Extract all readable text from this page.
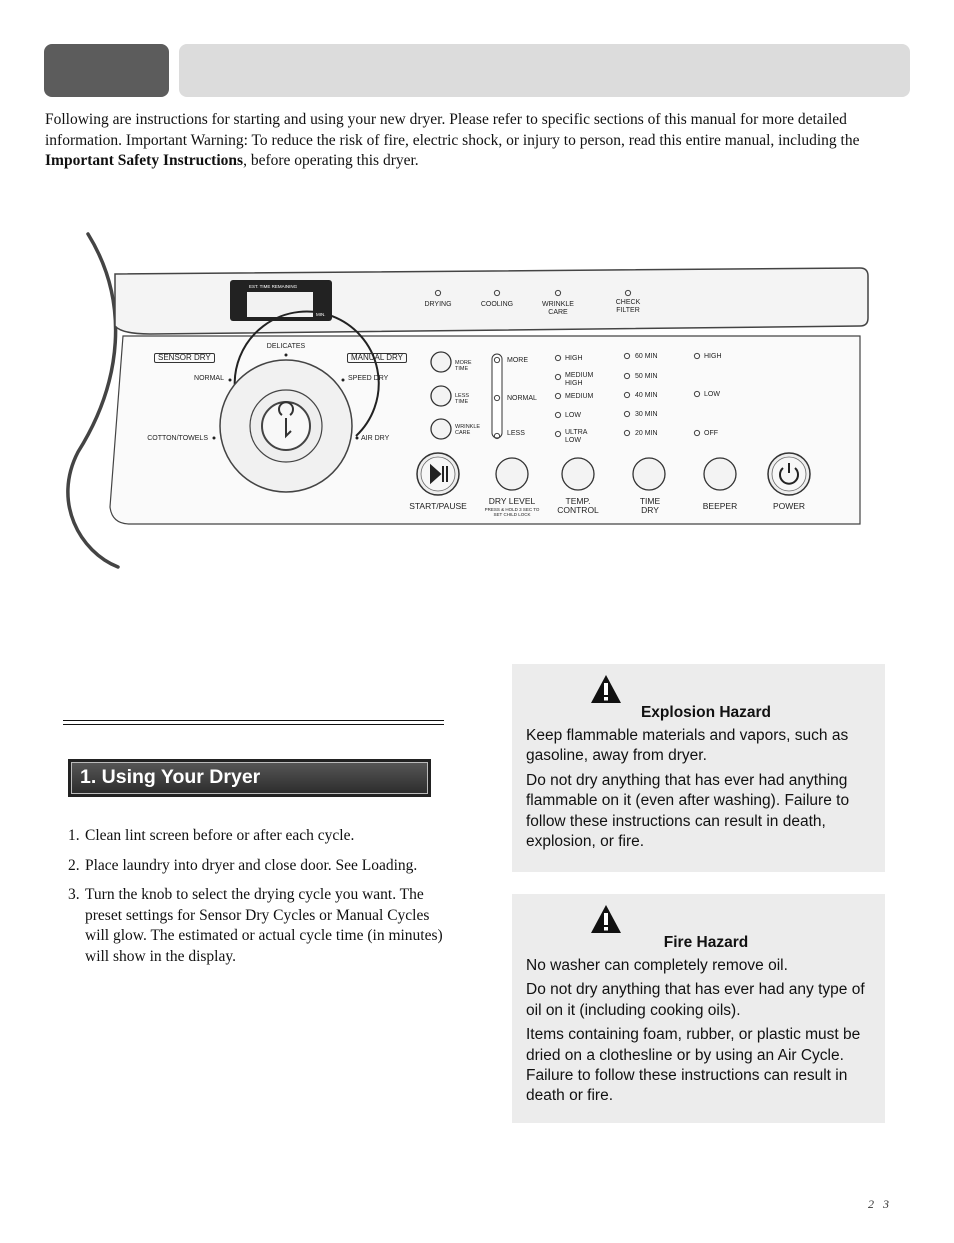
Following are instructions for starting and using your new dryer. Please refer to specific sections of this manual for more detailed information. Important Warning: To reduce the risk of fire, electric shock, or injury to person, read this entire manual, including the Important Safety Instructions, before operating this dryer.
EST. TIME REMAINING
MIN.
DRYING	COOLING	WRINKLE CARE
CHECK FILTER
SENSOR DRY	MANUAL DRY
DELICATES
NORMAL	SPEED DRY
COTTON/TOWELS	AIR DRY
MORE TIME
LESS TIME
WRINKLE CARE
MORE
NORMAL
LESS
HIGH
MEDIUM HIGH
MEDIUM
LOW
ULTRA LOW
60 MIN
50 MIN
40 MIN
30 MIN
20 MIN
HIGH
LOW
OFF
START/PAUSE	DRY LEVEL
PRESS & HOLD 3 SEC TO SET CHILD LOCK
TEMP. CONTROL
TIME DRY	BEEPER	POWER
1. Using Your Dryer
1. Clean lint screen before or after each cycle.
2. Place laundry into dryer and close door. See Loading.
3. Turn the knob to select the drying cycle you want. The preset settings for Sensor Dry Cycles or Manual Cycles will glow. The estimated or actual cycle time (in minutes) will show in the display.
Explosion Hazard

Keep flammable materials and vapors, such as gasoline, away from dryer.

Do not dry anything that has ever had anything flammable on it (even after washing). Failure to follow these instructions can result in death, explosion, or fire.

Fire Hazard

No washer can completely remove oil.

Do not dry anything that has ever had any type of oil on it (including cooking oils).

Items containing foam, rubber, or plastic must be dried on a clothesline or by using an Air Cycle. Failure to follow these instructions can result in death or fire.

2 3
